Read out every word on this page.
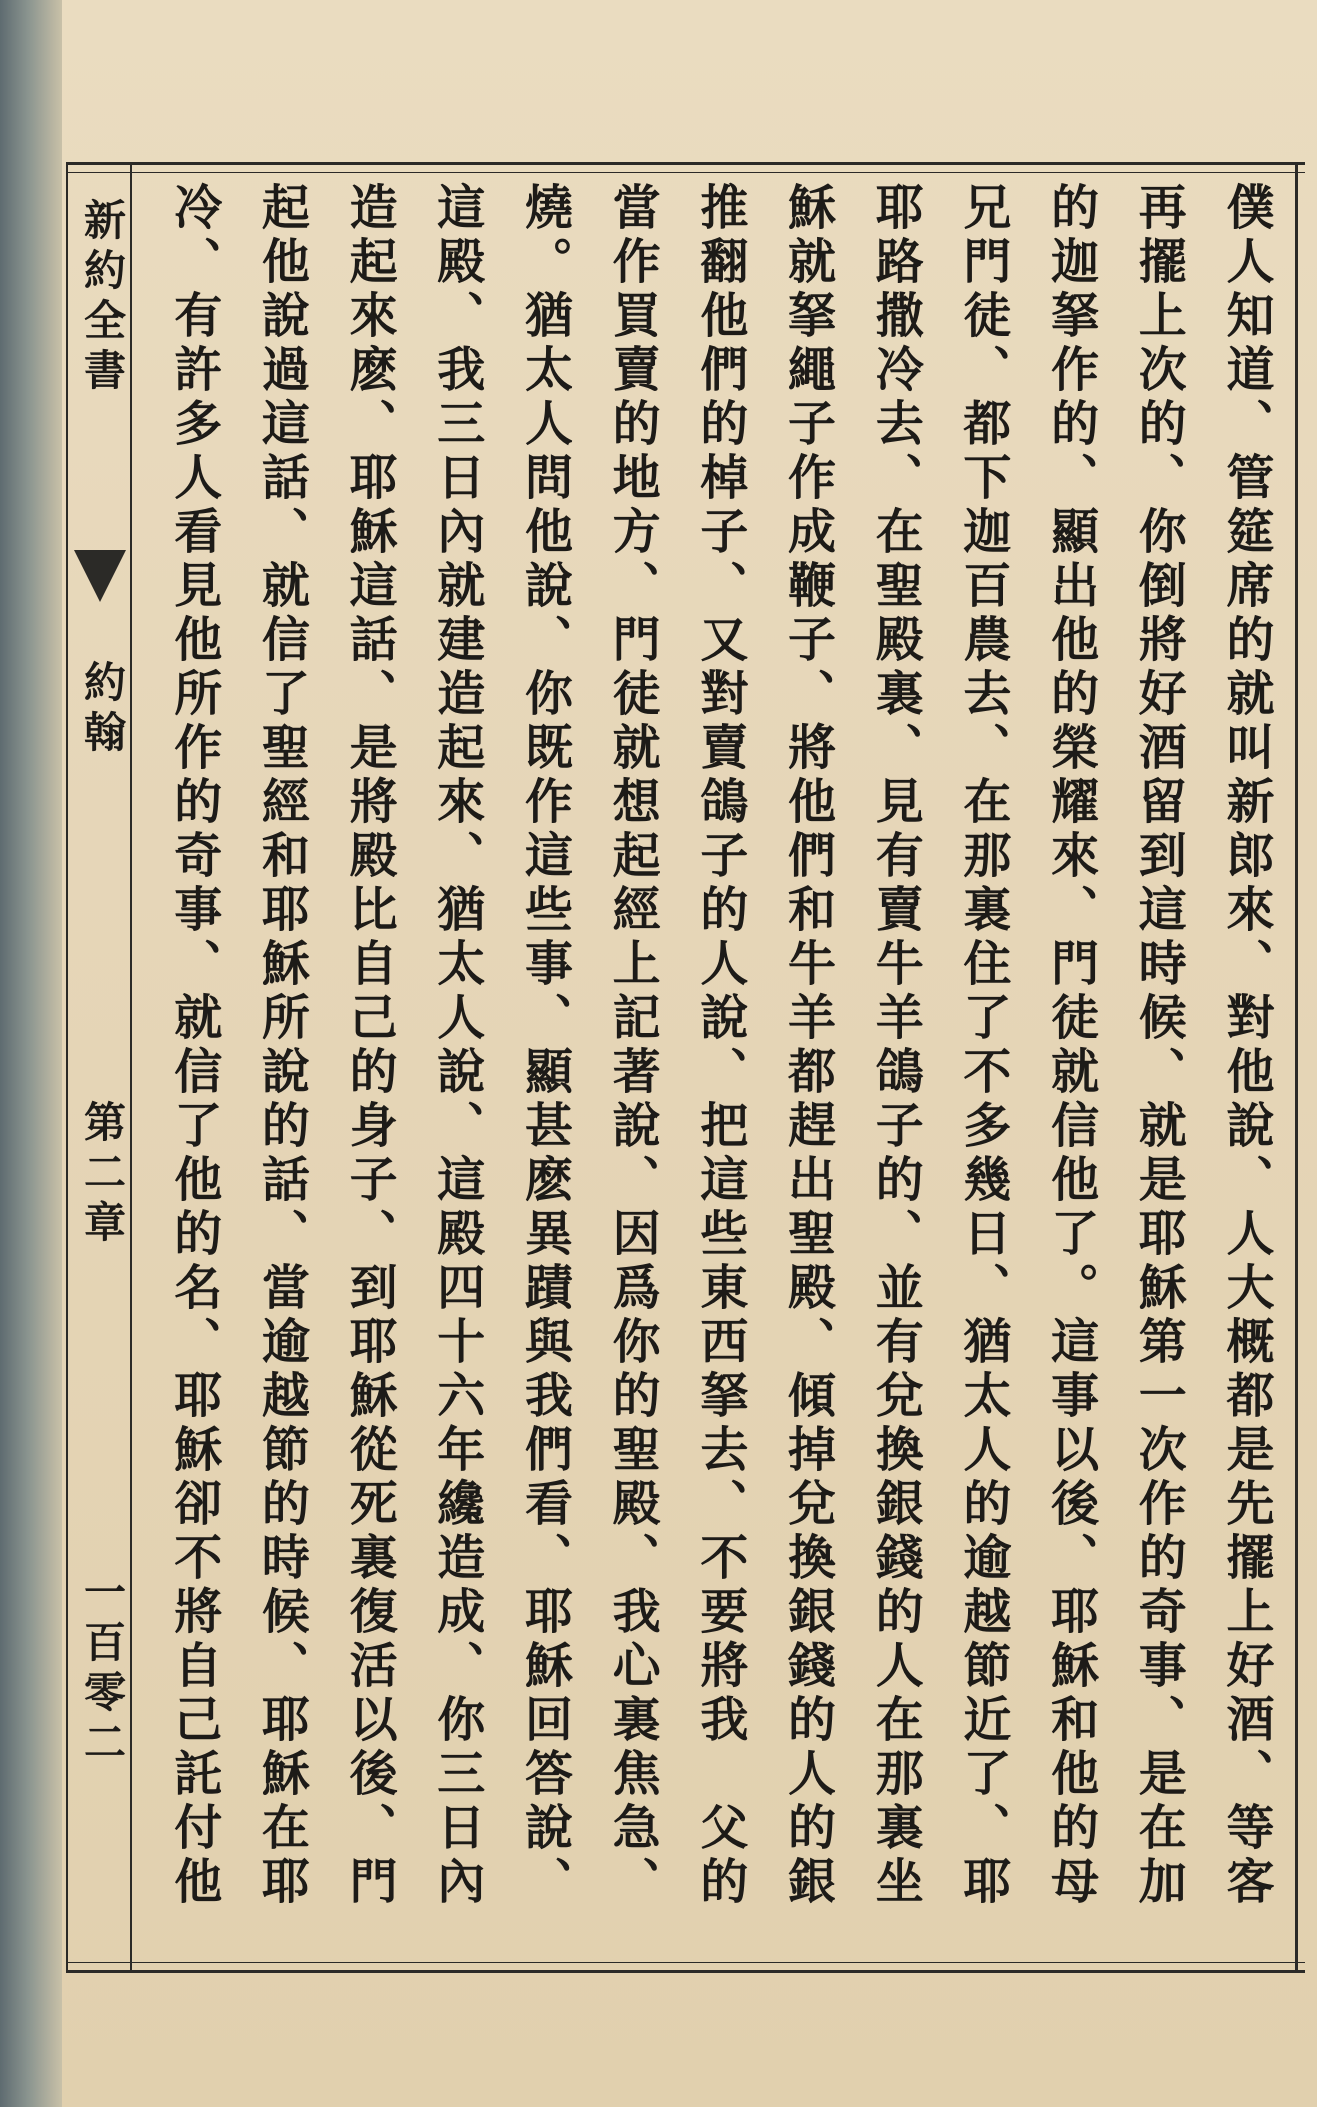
新約全書
約翰
第二章
一百零二
僕人知道、管筵席的就叫新郎來、對他說、人大概都是先擺上好酒、等客
再擺上次的、你倒將好酒留到這時候、就是耶穌第一次作的奇事、是在加
的迦拏作的、顯出他的榮耀來、門徒就信他了。這事以後、耶穌和他的母
兄門徒、都下迦百農去、在那裏住了不多幾日、猶太人的逾越節近了、耶
耶路撒冷去、在聖殿裏、見有賣牛羊鴿子的、並有兌換銀錢的人在那裏坐
穌就拏繩子作成鞭子、將他們和牛羊都趕出聖殿、傾掉兌換銀錢的人的銀
推翻他們的棹子、又對賣鴿子的人說、把這些東西拏去、不要將我　父的
當作買賣的地方、門徒就想起經上記著說、因爲你的聖殿、我心裏焦急、
燒。猶太人問他說、你既作這些事、顯甚麽異蹟與我們看、耶穌回答說、
這殿、我三日內就建造起來、猶太人說、這殿四十六年纔造成、你三日內
造起來麽、耶穌這話、是將殿比自己的身子、到耶穌從死裏復活以後、門
起他說過這話、就信了聖經和耶穌所說的話、當逾越節的時候、耶穌在耶
冷、有許多人看見他所作的奇事、就信了他的名、耶穌卻不將自己託付他
